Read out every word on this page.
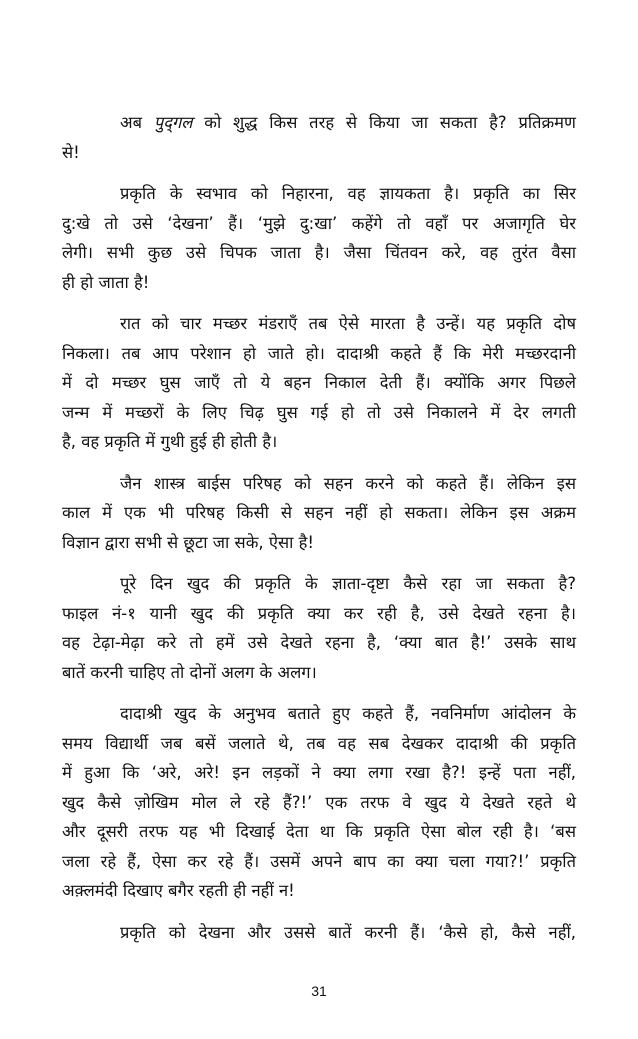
अब पुद्‌गल को शुद्ध किस तरह से किया जा सकता है? प्रतिक्रमण
से!

प्रकृति के स्वभाव को निहारना, वह ज्ञायकता है। प्रकृति का सिर
दु:खे तो उसे ‘देखना’ हैं। ‘मुझे दु:खा’ कहेंगे तो वहाँ पर अजागृति घेर
लेगी। सभी कुछ उसे चिपक जाता है। जैसा चिंतवन करे, वह तुरंत वैसा
ही हो जाता है!

रात को चार मच्छर मंडराएँ तब ऐसे मारता है उन्हें। यह प्रकृति दोष
निकला। तब आप परेशान हो जाते हो। दादाश्री कहते हैं कि मेरी मच्छरदानी
में दो मच्छर घुस जाएँ तो ये बहन निकाल देती हैं। क्योंकि अगर पिछले
जन्म में मच्छरों के लिए चिढ़ घुस गई हो तो उसे निकालने में देर लगती
है, वह प्रकृति में गुथी हुई ही होती है।

जैन शास्त्र बाईस परिषह को सहन करने को कहते हैं। लेकिन इस
काल में एक भी परिषह किसी से सहन नहीं हो सकता। लेकिन इस अक्रम
विज्ञान द्वारा सभी से छूटा जा सके, ऐसा है!

पूरे दिन खुद की प्रकृति के ज्ञाता-दृष्टा कैसे रहा जा सकता है?
फाइल नं-१ यानी खुद की प्रकृति क्या कर रही है, उसे देखते रहना है।
वह टेढ़ा-मेढ़ा करे तो हमें उसे देखते रहना है, ‘क्या बात है!’ उसके साथ
बातें करनी चाहिए तो दोनों अलग के अलग।

दादाश्री खुद के अनुभव बताते हुए कहते हैं, नवनिर्माण आंदोलन के
समय विद्यार्थी जब बसें जलाते थे, तब वह सब देखकर दादाश्री की प्रकृति
में हुआ कि ‘अरे, अरे! इन लड़कों ने क्या लगा रखा है?! इन्हें पता नहीं,
खुद कैसे ज़ोखिम मोल ले रहे हैं?!’ एक तरफ वे खुद ये देखते रहते थे
और दूसरी तरफ यह भी दिखाई देता था कि प्रकृति ऐसा बोल रही है। ‘बस
जला रहे हैं, ऐसा कर रहे हैं। उसमें अपने बाप का क्या चला गया?!’ प्रकृति
अक़्लमंदी दिखाए बगैर रहती ही नहीं न!

प्रकृति को देखना और उससे बातें करनी हैं। ‘कैसे हो, कैसे नहीं,

31
